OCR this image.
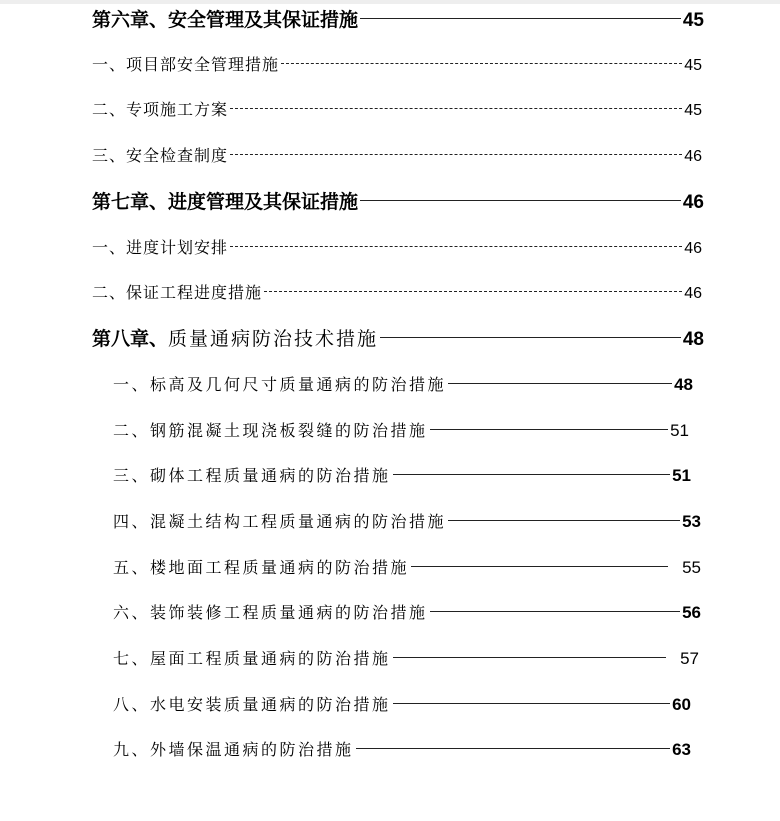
第六章、安全管理及其保证措施	45
一、项目部安全管理措施	45
二、专项施工方案	45
三、安全检查制度	46
第七章、进度管理及其保证措施	46
一、进度计划安排	46
二、保证工程进度措施	46
第八章、质量通病防治技术措施	48
一、标高及几何尺寸质量通病的防治措施	48
二、钢筋混凝土现浇板裂缝的防治措施	51
三、砌体工程质量通病的防治措施	51
四、混凝土结构工程质量通病的防治措施	53
五、楼地面工程质量通病的防治措施	55
六、装饰装修工程质量通病的防治措施	56
七、屋面工程质量通病的防治措施	57
八、水电安装质量通病的防治措施	60
九、外墙保温通病的防治措施	63
